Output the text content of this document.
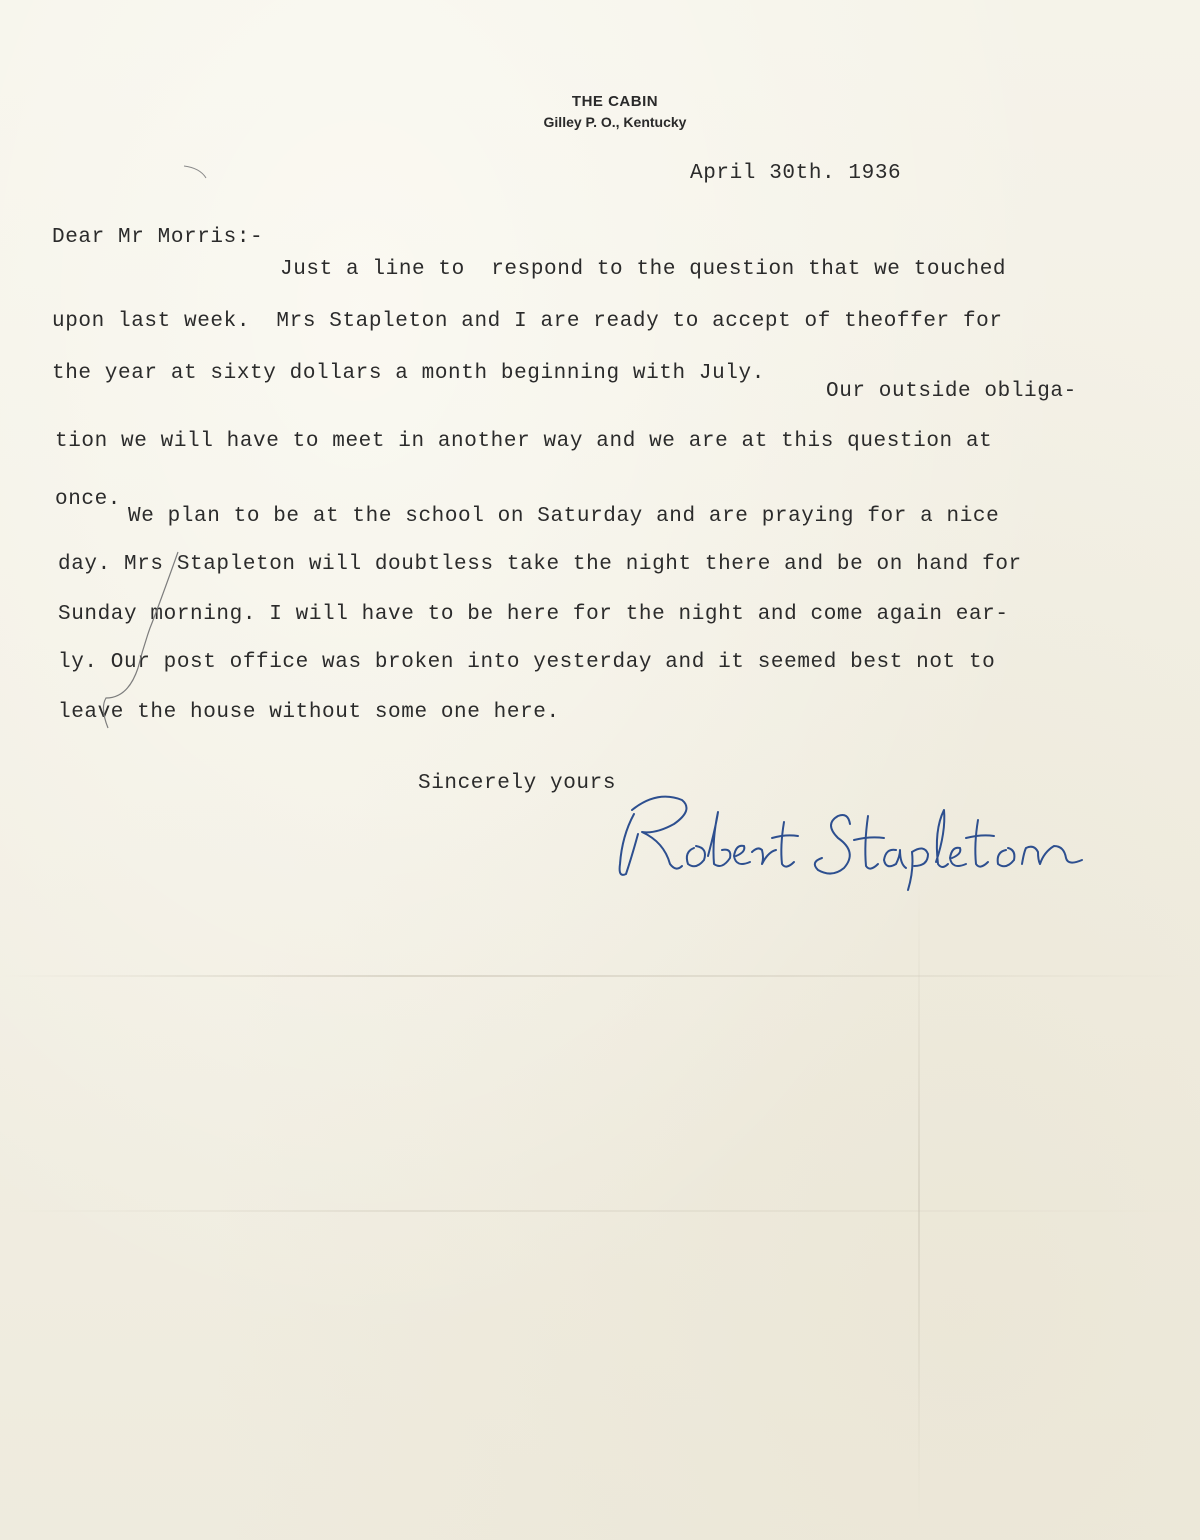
THE CABIN
Gilley P. O., Kentucky
April 30th. 1936
Dear Mr Morris:-
Just a line to  respond to the question that we touched
upon last week.  Mrs Stapleton and I are ready to accept of theoffer for
the year at sixty dollars a month beginning with July.
Our outside obliga-
tion we will have to meet in another way and we are at this question at
once.
We plan to be at the school on Saturday and are praying for a nice
day. Mrs Stapleton will doubtless take the night there and be on hand for
Sunday morning. I will have to be here for the night and come again ear-
ly. Our post office was broken into yesterday and it seemed best not to
leave the house without some one here.
Sincerely yours
